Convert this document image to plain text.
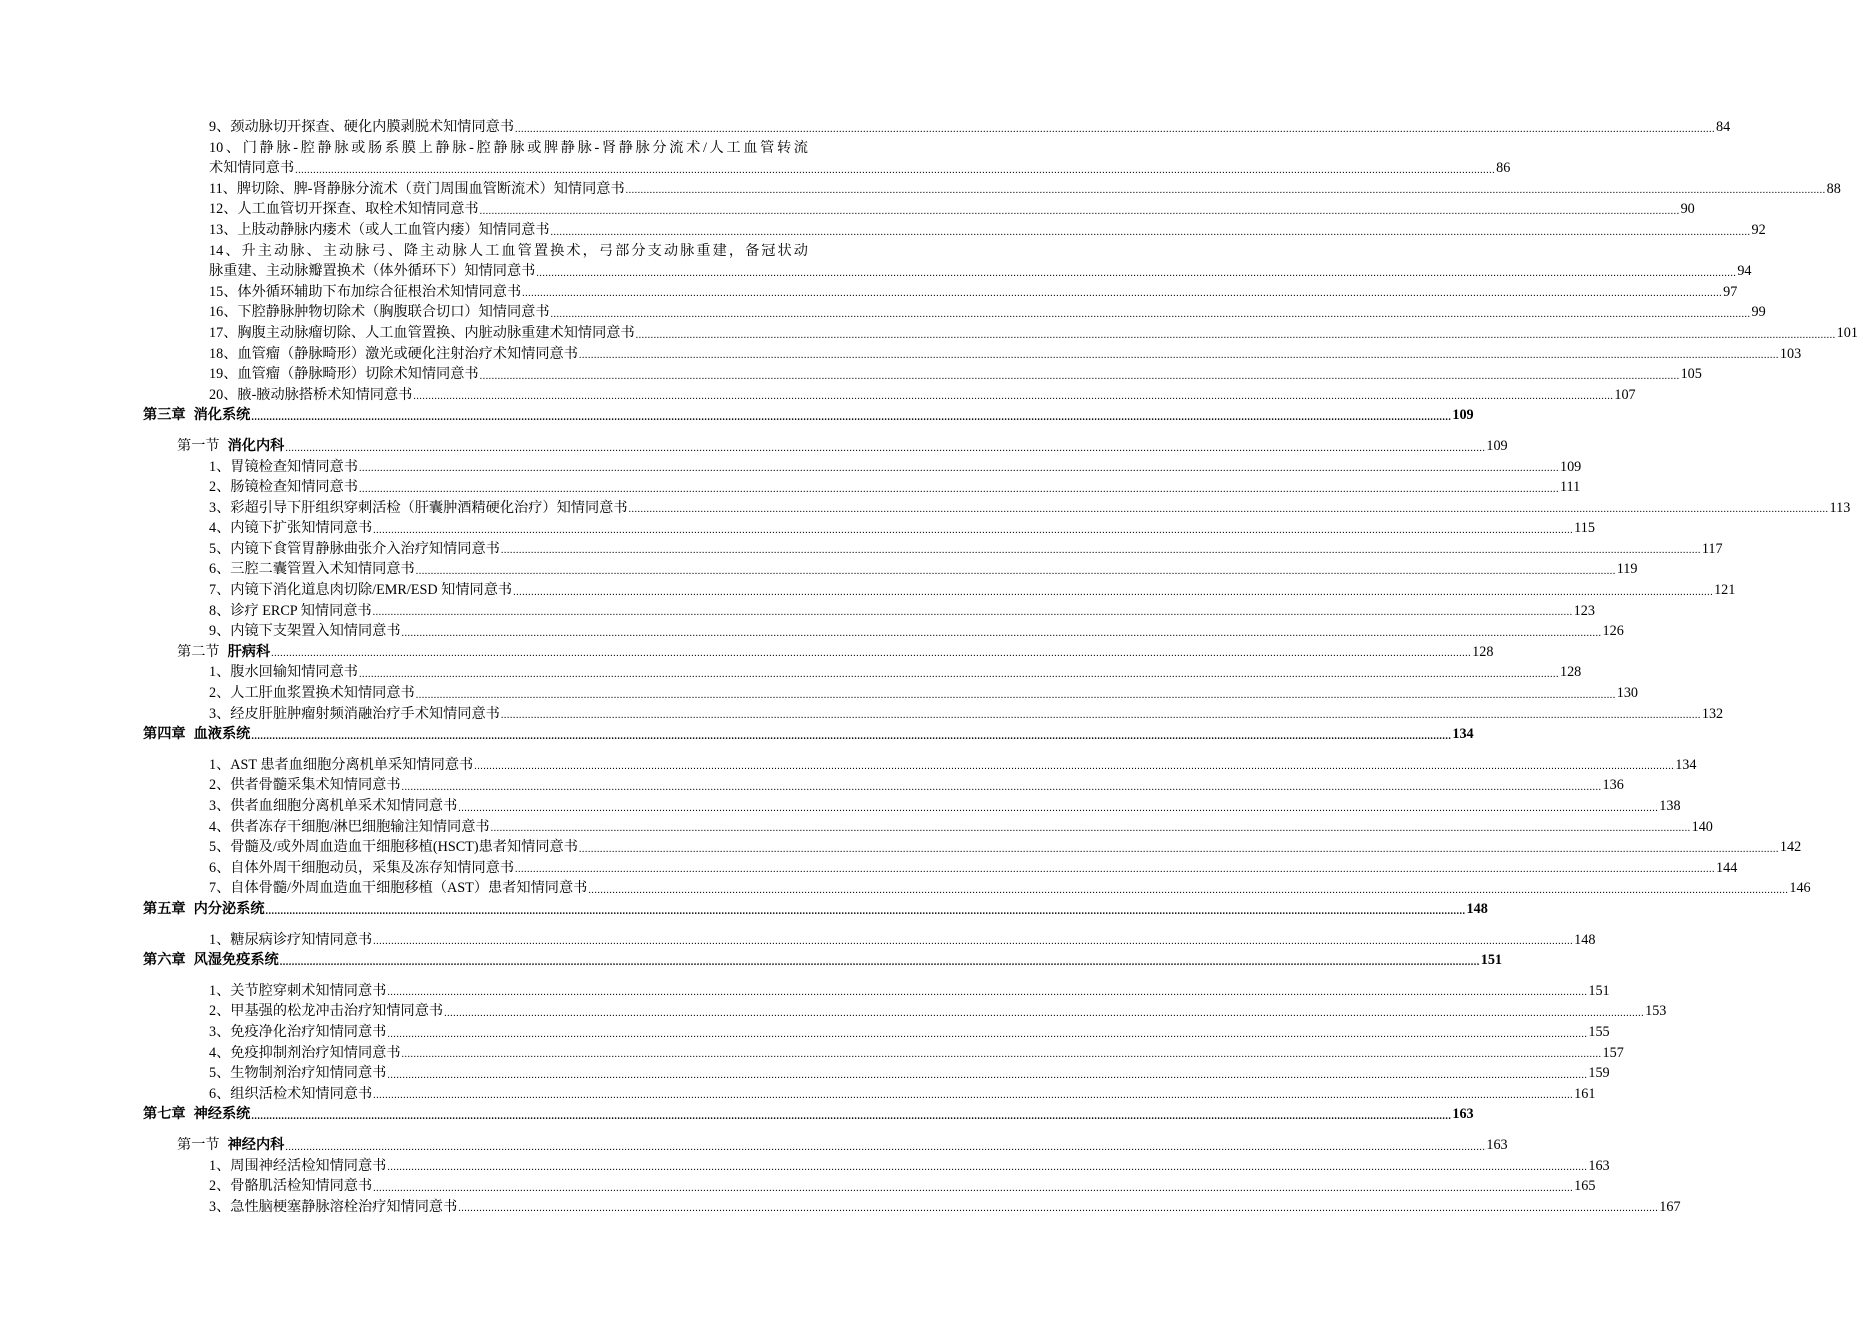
9、颈动脉切开探查、硬化内膜剥脱术知情同意书 ................................................................................................................................................................................................................................................................................................................................................................................................................ 84
10、门静脉-腔静脉或肠系膜上静脉-腔静脉或脾静脉-肾静脉分流术/人工血管转流
术知情同意书 ................................................................................................................................................................................................................................................................................................................................................................................................................ 86
11、脾切除、脾-肾静脉分流术（贲门周围血管断流术）知情同意书 ................................................................................................................................................................................................................................................................................................................................................................................................................ 88
12、人工血管切开探查、取栓术知情同意书 ................................................................................................................................................................................................................................................................................................................................................................................................................ 90
13、上肢动静脉内瘘术（或人工血管内瘘）知情同意书 ................................................................................................................................................................................................................................................................................................................................................................................................................ 92
14、升主动脉、主动脉弓、降主动脉人工血管置换术，弓部分支动脉重建，备冠状动
脉重建、主动脉瓣置换术（体外循环下）知情同意书 ................................................................................................................................................................................................................................................................................................................................................................................................................ 94
15、体外循环辅助下布加综合征根治术知情同意书 ................................................................................................................................................................................................................................................................................................................................................................................................................ 97
16、下腔静脉肿物切除术（胸腹联合切口）知情同意书 ................................................................................................................................................................................................................................................................................................................................................................................................................ 99
17、胸腹主动脉瘤切除、人工血管置换、内脏动脉重建术知情同意书 ................................................................................................................................................................................................................................................................................................................................................................................................................ 101
18、血管瘤（静脉畸形）激光或硬化注射治疗术知情同意书 ................................................................................................................................................................................................................................................................................................................................................................................................................ 103
19、血管瘤（静脉畸形）切除术知情同意书 ................................................................................................................................................................................................................................................................................................................................................................................................................ 105
20、腋-腋动脉搭桥术知情同意书 ................................................................................................................................................................................................................................................................................................................................................................................................................ 107
第三章 消化系统 ................................................................................................................................................................................................................................................................................................................................................................................................................ 109
第一节 消化内科 ................................................................................................................................................................................................................................................................................................................................................................................................................ 109
1、胃镜检查知情同意书 ................................................................................................................................................................................................................................................................................................................................................................................................................ 109
2、肠镜检查知情同意书 ................................................................................................................................................................................................................................................................................................................................................................................................................ 111
3、彩超引导下肝组织穿刺活检（肝囊肿酒精硬化治疗）知情同意书 ................................................................................................................................................................................................................................................................................................................................................................................................................ 113
4、内镜下扩张知情同意书 ................................................................................................................................................................................................................................................................................................................................................................................................................ 115
5、内镜下食管胃静脉曲张介入治疗知情同意书 ................................................................................................................................................................................................................................................................................................................................................................................................................ 117
6、三腔二囊管置入术知情同意书 ................................................................................................................................................................................................................................................................................................................................................................................................................ 119
7、内镜下消化道息肉切除/EMR/ESD 知情同意书 ................................................................................................................................................................................................................................................................................................................................................................................................................ 121
8、诊疗 ERCP 知情同意书 ................................................................................................................................................................................................................................................................................................................................................................................................................ 123
9、内镜下支架置入知情同意书 ................................................................................................................................................................................................................................................................................................................................................................................................................ 126
第二节 肝病科 ................................................................................................................................................................................................................................................................................................................................................................................................................ 128
1、腹水回输知情同意书 ................................................................................................................................................................................................................................................................................................................................................................................................................ 128
2、人工肝血浆置换术知情同意书 ................................................................................................................................................................................................................................................................................................................................................................................................................ 130
3、经皮肝脏肿瘤射频消融治疗手术知情同意书 ................................................................................................................................................................................................................................................................................................................................................................................................................ 132
第四章 血液系统 ................................................................................................................................................................................................................................................................................................................................................................................................................ 134
1、AST 患者血细胞分离机单采知情同意书 ................................................................................................................................................................................................................................................................................................................................................................................................................ 134
2、供者骨髓采集术知情同意书 ................................................................................................................................................................................................................................................................................................................................................................................................................ 136
3、供者血细胞分离机单采术知情同意书 ................................................................................................................................................................................................................................................................................................................................................................................................................ 138
4、供者冻存干细胞/淋巴细胞输注知情同意书 ................................................................................................................................................................................................................................................................................................................................................................................................................ 140
5、骨髓及/或外周血造血干细胞移植(HSCT)患者知情同意书 ................................................................................................................................................................................................................................................................................................................................................................................................................ 142
6、自体外周干细胞动员，采集及冻存知情同意书 ................................................................................................................................................................................................................................................................................................................................................................................................................ 144
7、自体骨髓/外周血造血干细胞移植（AST）患者知情同意书 ................................................................................................................................................................................................................................................................................................................................................................................................................ 146
第五章 内分泌系统 ................................................................................................................................................................................................................................................................................................................................................................................................................ 148
1、糖尿病诊疗知情同意书 ................................................................................................................................................................................................................................................................................................................................................................................................................ 148
第六章 风湿免疫系统 ................................................................................................................................................................................................................................................................................................................................................................................................................ 151
1、关节腔穿刺术知情同意书 ................................................................................................................................................................................................................................................................................................................................................................................................................ 151
2、甲基强的松龙冲击治疗知情同意书 ................................................................................................................................................................................................................................................................................................................................................................................................................ 153
3、免疫净化治疗知情同意书 ................................................................................................................................................................................................................................................................................................................................................................................................................ 155
4、免疫抑制剂治疗知情同意书 ................................................................................................................................................................................................................................................................................................................................................................................................................ 157
5、生物制剂治疗知情同意书 ................................................................................................................................................................................................................................................................................................................................................................................................................ 159
6、组织活检术知情同意书 ................................................................................................................................................................................................................................................................................................................................................................................................................ 161
第七章 神经系统 ................................................................................................................................................................................................................................................................................................................................................................................................................ 163
第一节 神经内科 ................................................................................................................................................................................................................................................................................................................................................................................................................ 163
1、周围神经活检知情同意书 ................................................................................................................................................................................................................................................................................................................................................................................................................ 163
2、骨骼肌活检知情同意书 ................................................................................................................................................................................................................................................................................................................................................................................................................ 165
3、急性脑梗塞静脉溶栓治疗知情同意书 ................................................................................................................................................................................................................................................................................................................................................................................................................ 167
